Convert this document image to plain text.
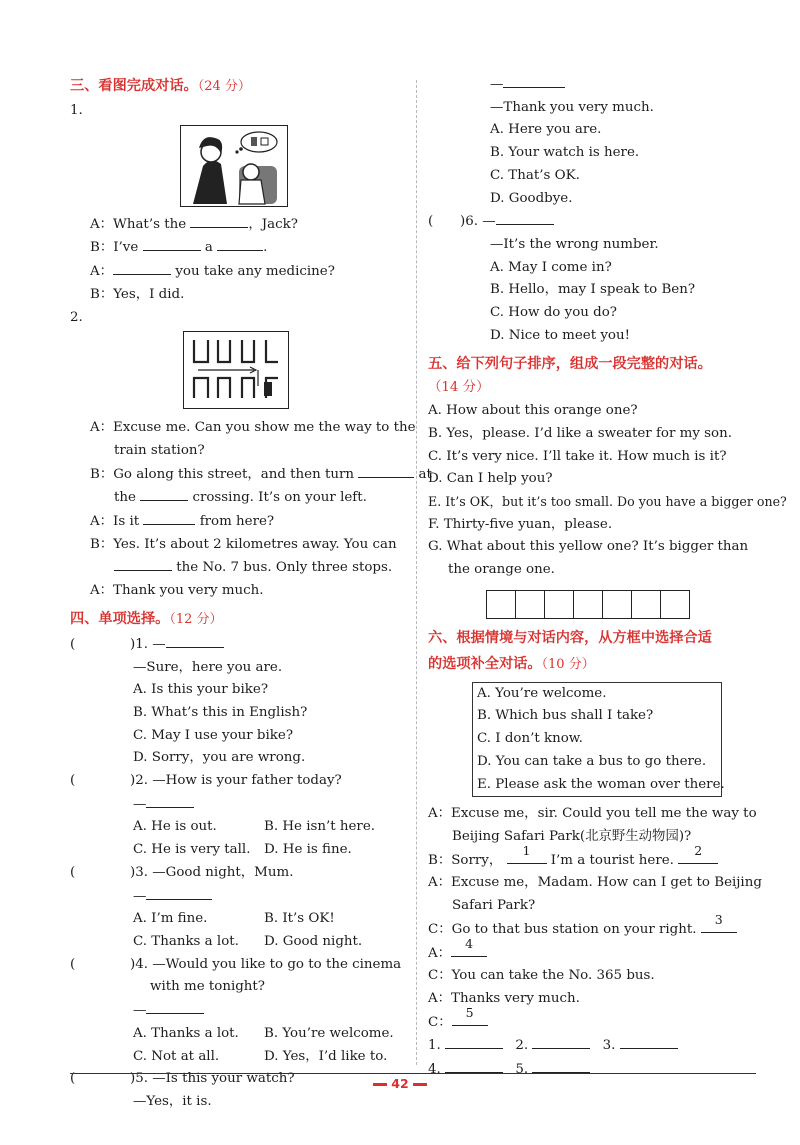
三、看图完成对话。（24 分）
1.
A：What’s the	，Jack?
B：I’ve	a	.
A：	you take any medicine?
B：Yes，I did.
2.
A：Excuse me. Can you show me the way to the
train station?
B：Go along this street，and then turn	at
the	crossing. It’s on your left.
A：Is it	from here?
B：Yes. It’s about 2 kilometres away. You can
the No. 7 bus. Only three stops.
A：Thank you very much.
四、单项选择。（12 分）
(	)1. —
—Sure，here you are.
A. Is this your bike?
B. What’s this in English?
C. May I use your bike?
D. Sorry，you are wrong.
(	)2. —How is your father today?
—
A. He is out.	B. He isn’t here.
C. He is very tall.	D. He is fine.
(	)3. —Good night，Mum.
—
A. I’m fine.	B. It’s OK!
C. Thanks a lot.	D. Good night.
(	)4. —Would you like to go to the cinema
with me tonight?
—
A. Thanks a lot.	B. You’re welcome.
C. Not at all.	D. Yes，I’d like to.
(	)5. —Is this your watch?
—Yes，it is.
—
—Thank you very much.
A. Here you are.
B. Your watch is here.
C. That’s OK.
D. Goodbye.
( )6. —
—It’s the wrong number.
A. May I come in?
B. Hello，may I speak to Ben?
C. How do you do?
D. Nice to meet you!
五、给下列句子排序，组成一段完整的对话。
（14 分）
A. How about this orange one?
B. Yes，please. I’d like a sweater for my son.
C. It’s very nice. I’ll take it. How much is it?
D. Can I help you?
E. It’s OK，but it’s too small. Do you have a bigger one?
F. Thirty-five yuan，please.
G. What about this yellow one? It’s bigger than
the orange one.
六、根据情境与对话内容，从方框中选择合适
的选项补全对话。（10 分）
A. You’re welcome.
B. Which bus shall I take?
C. I don’t know.
D. You can take a bus to go there.
E. Please ask the woman over there.
A：Excuse me，sir. Could you tell me the way to
Beijing Safari Park(北京野生动物园)?
B：Sorry，
1
I’m a tourist here.
2
A：Excuse me，Madam. How can I get to Beijing
Safari Park?
C：Go to that bus station on your right.
3
A：
4
C：You can take the No. 365 bus.
A：Thanks very much.
C：
5
1.	2.	3.
4.	5.
42
